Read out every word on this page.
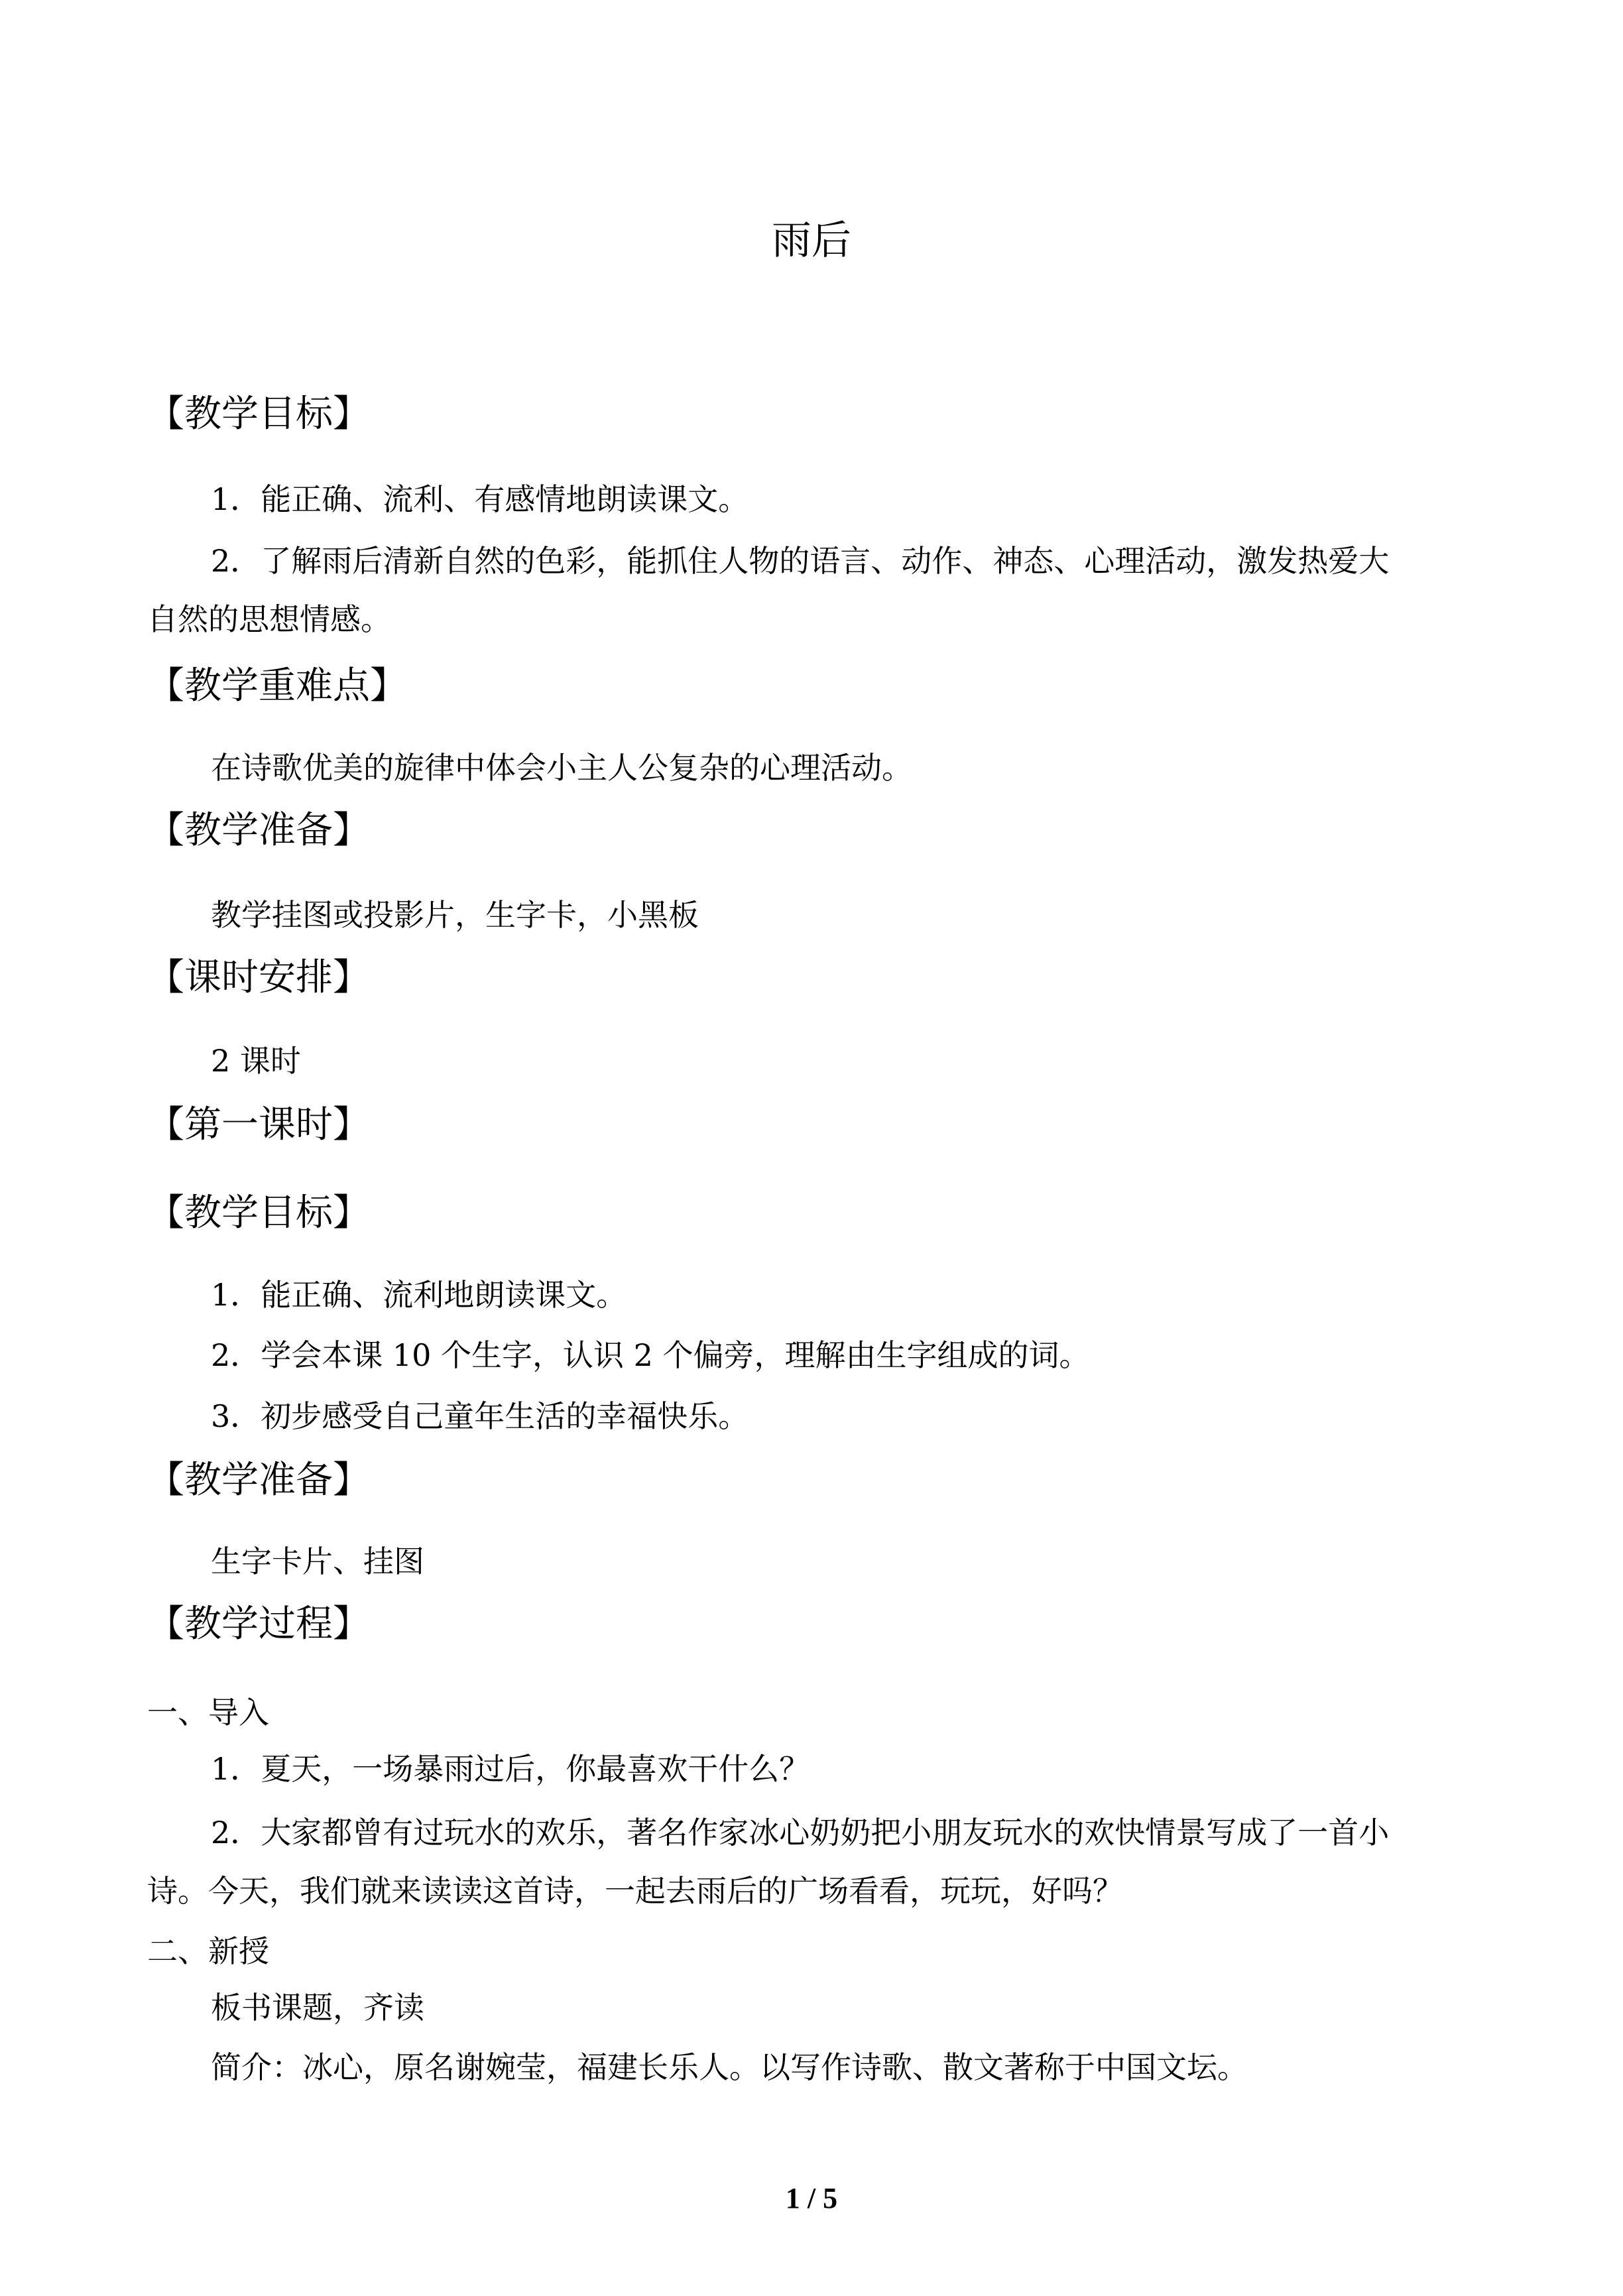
雨后
【教学目标】
1．能正确、流利、有感情地朗读课文。
2．了解雨后清新自然的色彩，能抓住人物的语言、动作、神态、心理活动，激发热爱大
自然的思想情感。
【教学重难点】
在诗歌优美的旋律中体会小主人公复杂的心理活动。
【教学准备】
教学挂图或投影片，生字卡，小黑板
【课时安排】
2 课时
【第一课时】
【教学目标】
1．能正确、流利地朗读课文。
2．学会本课 10 个生字，认识 2 个偏旁，理解由生字组成的词。
3．初步感受自己童年生活的幸福快乐。
【教学准备】
生字卡片、挂图
【教学过程】
一、导入
1．夏天，一场暴雨过后，你最喜欢干什么？
2．大家都曾有过玩水的欢乐，著名作家冰心奶奶把小朋友玩水的欢快情景写成了一首小
诗。今天，我们就来读读这首诗，一起去雨后的广场看看，玩玩，好吗？
二、新授
板书课题，齐读
简介：冰心，原名谢婉莹，福建长乐人。以写作诗歌、散文著称于中国文坛。
1 / 5
